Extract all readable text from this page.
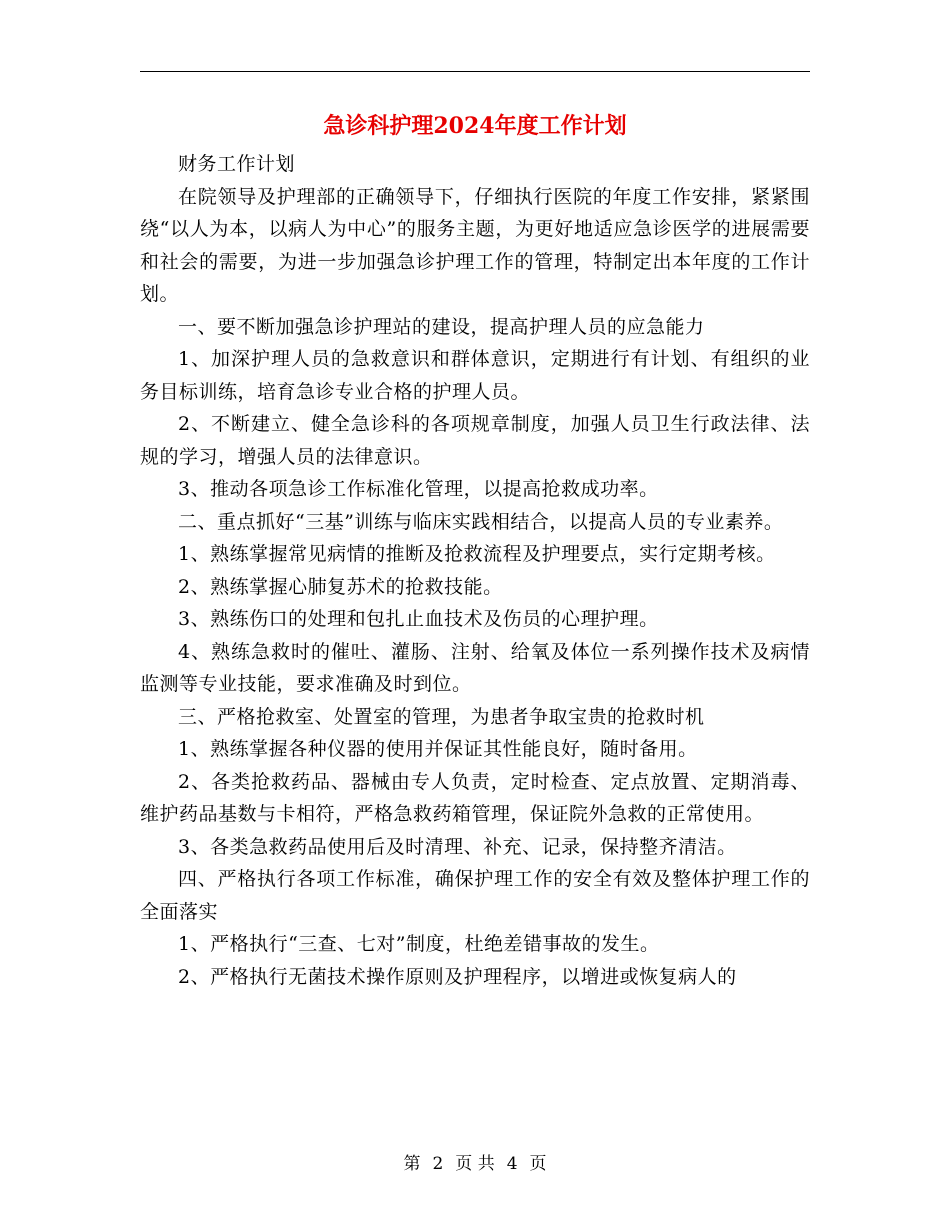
急诊科护理2024年度工作计划

财务工作计划

在院领导及护理部的正确领导下，仔细执行医院的年度工作安排，紧紧围绕“以人为本，以病人为中心”的服务主题，为更好地适应急诊医学的进展需要和社会的需要，为进一步加强急诊护理工作的管理，特制定出本年度的工作计划。

一、要不断加强急诊护理站的建设，提高护理人员的应急能力

1、加深护理人员的急救意识和群体意识，定期进行有计划、有组织的业务目标训练，培育急诊专业合格的护理人员。

2、不断建立、健全急诊科的各项规章制度，加强人员卫生行政法律、法规的学习，增强人员的法律意识。

3、推动各项急诊工作标准化管理，以提高抢救成功率。

二、重点抓好“三基”训练与临床实践相结合，以提高人员的专业素养。

1、熟练掌握常见病情的推断及抢救流程及护理要点，实行定期考核。

2、熟练掌握心肺复苏术的抢救技能。

3、熟练伤口的处理和包扎止血技术及伤员的心理护理。

4、熟练急救时的催吐、灌肠、注射、给氧及体位一系列操作技术及病情监测等专业技能，要求准确及时到位。

三、严格抢救室、处置室的管理，为患者争取宝贵的抢救时机

1、熟练掌握各种仪器的使用并保证其性能良好，随时备用。

2、各类抢救药品、器械由专人负责，定时检查、定点放置、定期消毒、维护药品基数与卡相符，严格急救药箱管理，保证院外急救的正常使用。

3、各类急救药品使用后及时清理、补充、记录，保持整齐清洁。

四、严格执行各项工作标准，确保护理工作的安全有效及整体护理工作的全面落实

1、严格执行“三查、七对”制度，杜绝差错事故的发生。

2、严格执行无菌技术操作原则及护理程序，以增进或恢复病人的

第 2 页 共 4 页
